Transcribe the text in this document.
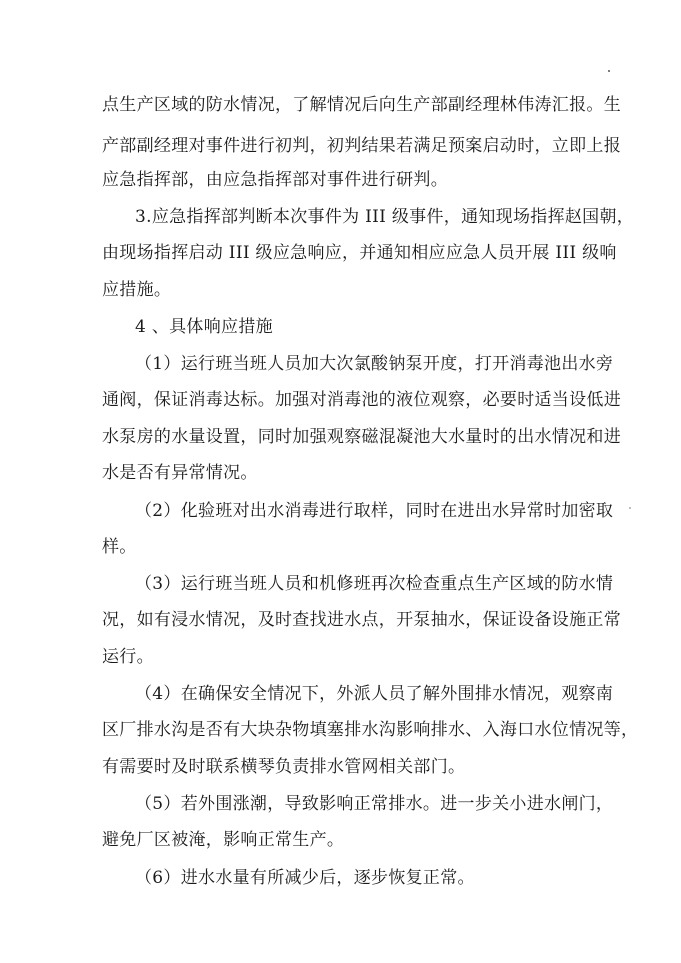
点生产区域的防水情况，了解情况后向生产部副经理林伟涛汇报。生
产部副经理对事件进行初判，初判结果若满足预案启动时，立即上报
应急指挥部，由应急指挥部对事件进行研判。
3.应急指挥部判断本次事件为 III 级事件，通知现场指挥赵国朝，
由现场指挥启动 III 级应急响应，并通知相应应急人员开展 III 级响
应措施。
4 、具体响应措施
（1）运行班当班人员加大次氯酸钠泵开度，打开消毒池出水旁
通阀，保证消毒达标。加强对消毒池的液位观察，必要时适当设低进
水泵房的水量设置，同时加强观察磁混凝池大水量时的出水情况和进
水是否有异常情况。
（2）化验班对出水消毒进行取样，同时在进出水异常时加密取
样。
（3）运行班当班人员和机修班再次检查重点生产区域的防水情
况，如有浸水情况，及时查找进水点，开泵抽水，保证设备设施正常
运行。
（4）在确保安全情况下，外派人员了解外围排水情况，观察南
区厂排水沟是否有大块杂物填塞排水沟影响排水、入海口水位情况等，
有需要时及时联系横琴负责排水管网相关部门。
（5）若外围涨潮，导致影响正常排水。进一步关小进水闸门，
避免厂区被淹，影响正常生产。
（6）进水水量有所减少后，逐步恢复正常。
